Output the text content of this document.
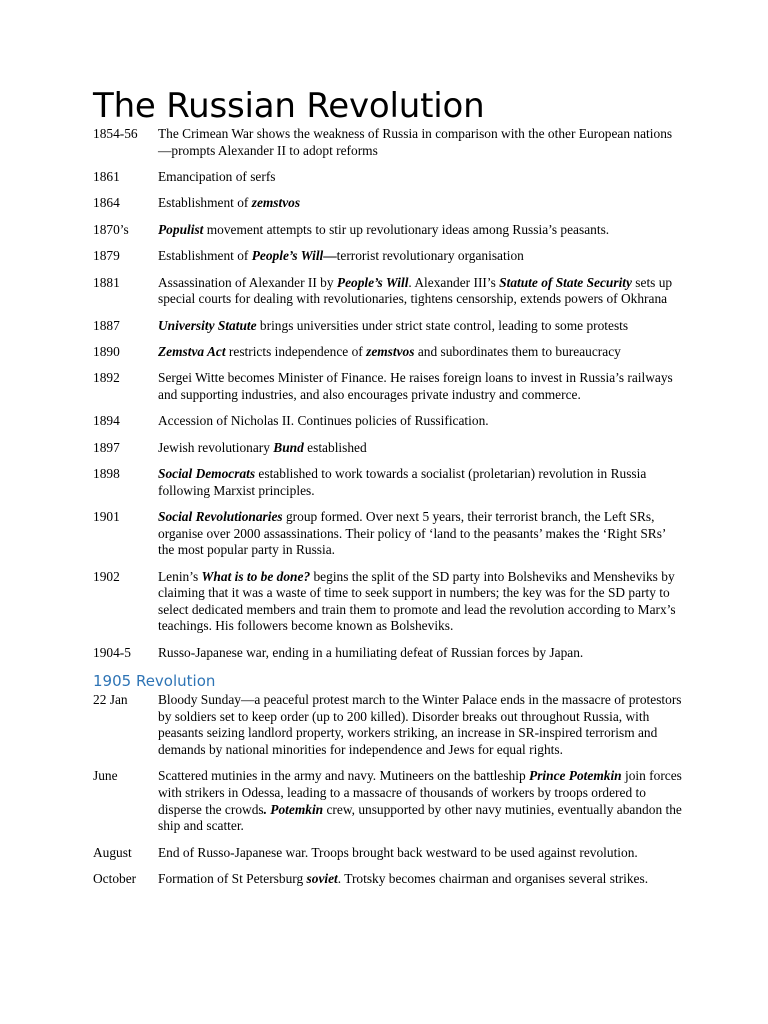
The Russian Revolution
1854-56	The Crimean War shows the weakness of Russia in comparison with the other European nations—prompts Alexander II to adopt reforms
1861	Emancipation of serfs
1864	Establishment of zemstvos
1870’s	Populist movement attempts to stir up revolutionary ideas among Russia’s peasants.
1879	Establishment of People’s Will—terrorist revolutionary organisation
1881	Assassination of Alexander II by People’s Will. Alexander III’s Statute of State Security sets up special courts for dealing with revolutionaries, tightens censorship, extends powers of Okhrana
1887	University Statute brings universities under strict state control, leading to some protests
1890	Zemstva Act restricts independence of zemstvos and subordinates them to bureaucracy
1892	Sergei Witte becomes Minister of Finance. He raises foreign loans to invest in Russia’s railways and supporting industries, and also encourages private industry and commerce.
1894	Accession of Nicholas II. Continues policies of Russification.
1897	Jewish revolutionary Bund established
1898	Social Democrats established to work towards a socialist (proletarian) revolution in Russia following Marxist principles.
1901	Social Revolutionaries group formed. Over next 5 years, their terrorist branch, the Left SRs, organise over 2000 assassinations. Their policy of ‘land to the peasants’ makes the ‘Right SRs’ the most popular party in Russia.
1902	Lenin’s What is to be done? begins the split of the SD party into Bolsheviks and Mensheviks by claiming that it was a waste of time to seek support in numbers; the key was for the SD party to select dedicated members and train them to promote and lead the revolution according to Marx’s teachings. His followers become known as Bolsheviks.
1904-5	Russo-Japanese war, ending in a humiliating defeat of Russian forces by Japan.
1905 Revolution
22 Jan	Bloody Sunday—a peaceful protest march to the Winter Palace ends in the massacre of protestors by soldiers set to keep order (up to 200 killed). Disorder breaks out throughout Russia, with peasants seizing landlord property, workers striking, an increase in SR-inspired terrorism and demands by national minorities for independence and Jews for equal rights.
June	Scattered mutinies in the army and navy. Mutineers on the battleship Prince Potemkin join forces with strikers in Odessa, leading to a massacre of thousands of workers by troops ordered to disperse the crowds. Potemkin crew, unsupported by other navy mutinies, eventually abandon the ship and scatter.
August	End of Russo-Japanese war. Troops brought back westward to be used against revolution.
October	Formation of St Petersburg soviet. Trotsky becomes chairman and organises several strikes.
